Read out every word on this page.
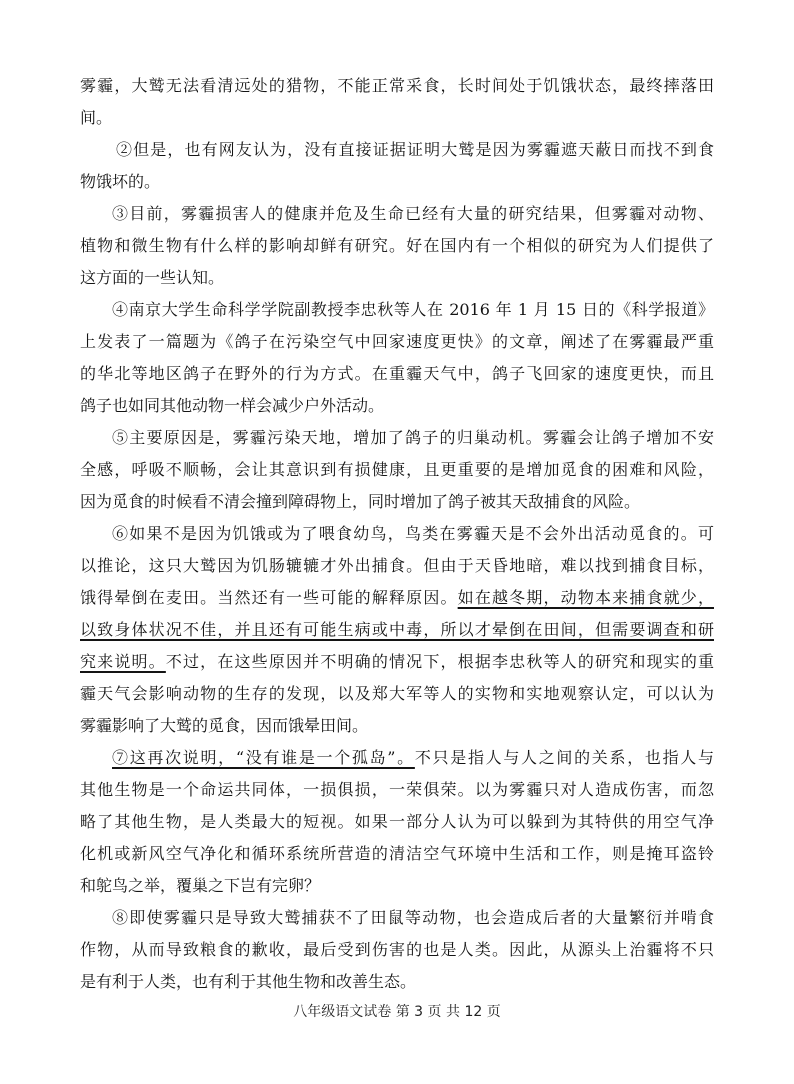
雾霾，大鹫无法看清远处的猎物，不能正常采食，长时间处于饥饿状态，最终摔落田
间。
②但是，也有网友认为，没有直接证据证明大鹫是因为雾霾遮天蔽日而找不到食
物饿坏的。
③目前，雾霾损害人的健康并危及生命已经有大量的研究结果，但雾霾对动物、
植物和微生物有什么样的影响却鲜有研究。好在国内有一个相似的研究为人们提供了
这方面的一些认知。
④南京大学生命科学学院副教授李忠秋等人在 2016 年 1 月 15 日的《科学报道》
上发表了一篇题为《鸽子在污染空气中回家速度更快》的文章，阐述了在雾霾最严重
的华北等地区鸽子在野外的行为方式。在重霾天气中，鸽子飞回家的速度更快，而且
鸽子也如同其他动物一样会减少户外活动。
⑤主要原因是，雾霾污染天地，增加了鸽子的归巢动机。雾霾会让鸽子增加不安
全感，呼吸不顺畅，会让其意识到有损健康，且更重要的是增加觅食的困难和风险，
因为觅食的时候看不清会撞到障碍物上，同时增加了鸽子被其天敌捕食的风险。
⑥如果不是因为饥饿或为了喂食幼鸟，鸟类在雾霾天是不会外出活动觅食的。可
以推论，这只大鹫因为饥肠辘辘才外出捕食。但由于天昏地暗，难以找到捕食目标，
饿得晕倒在麦田。当然还有一些可能的解释原因。如在越冬期，动物本来捕食就少，
以致身体状况不佳，并且还有可能生病或中毒，所以才晕倒在田间，但需要调查和研
究来说明。不过，在这些原因并不明确的情况下，根据李忠秋等人的研究和现实的重
霾天气会影响动物的生存的发现，以及郑大军等人的实物和实地观察认定，可以认为
雾霾影响了大鹫的觅食，因而饿晕田间。
⑦这再次说明，“没有谁是一个孤岛”。不只是指人与人之间的关系，也指人与
其他生物是一个命运共同体，一损俱损，一荣俱荣。以为雾霾只对人造成伤害，而忽
略了其他生物，是人类最大的短视。如果一部分人认为可以躲到为其特供的用空气净
化机或新风空气净化和循环系统所营造的清洁空气环境中生活和工作，则是掩耳盗铃
和鸵鸟之举，覆巢之下岂有完卵？
⑧即使雾霾只是导致大鹫捕获不了田鼠等动物，也会造成后者的大量繁衍并啃食
作物，从而导致粮食的歉收，最后受到伤害的也是人类。因此，从源头上治霾将不只
是有利于人类，也有利于其他生物和改善生态。
八年级语文试卷 第 3 页 共 12 页
